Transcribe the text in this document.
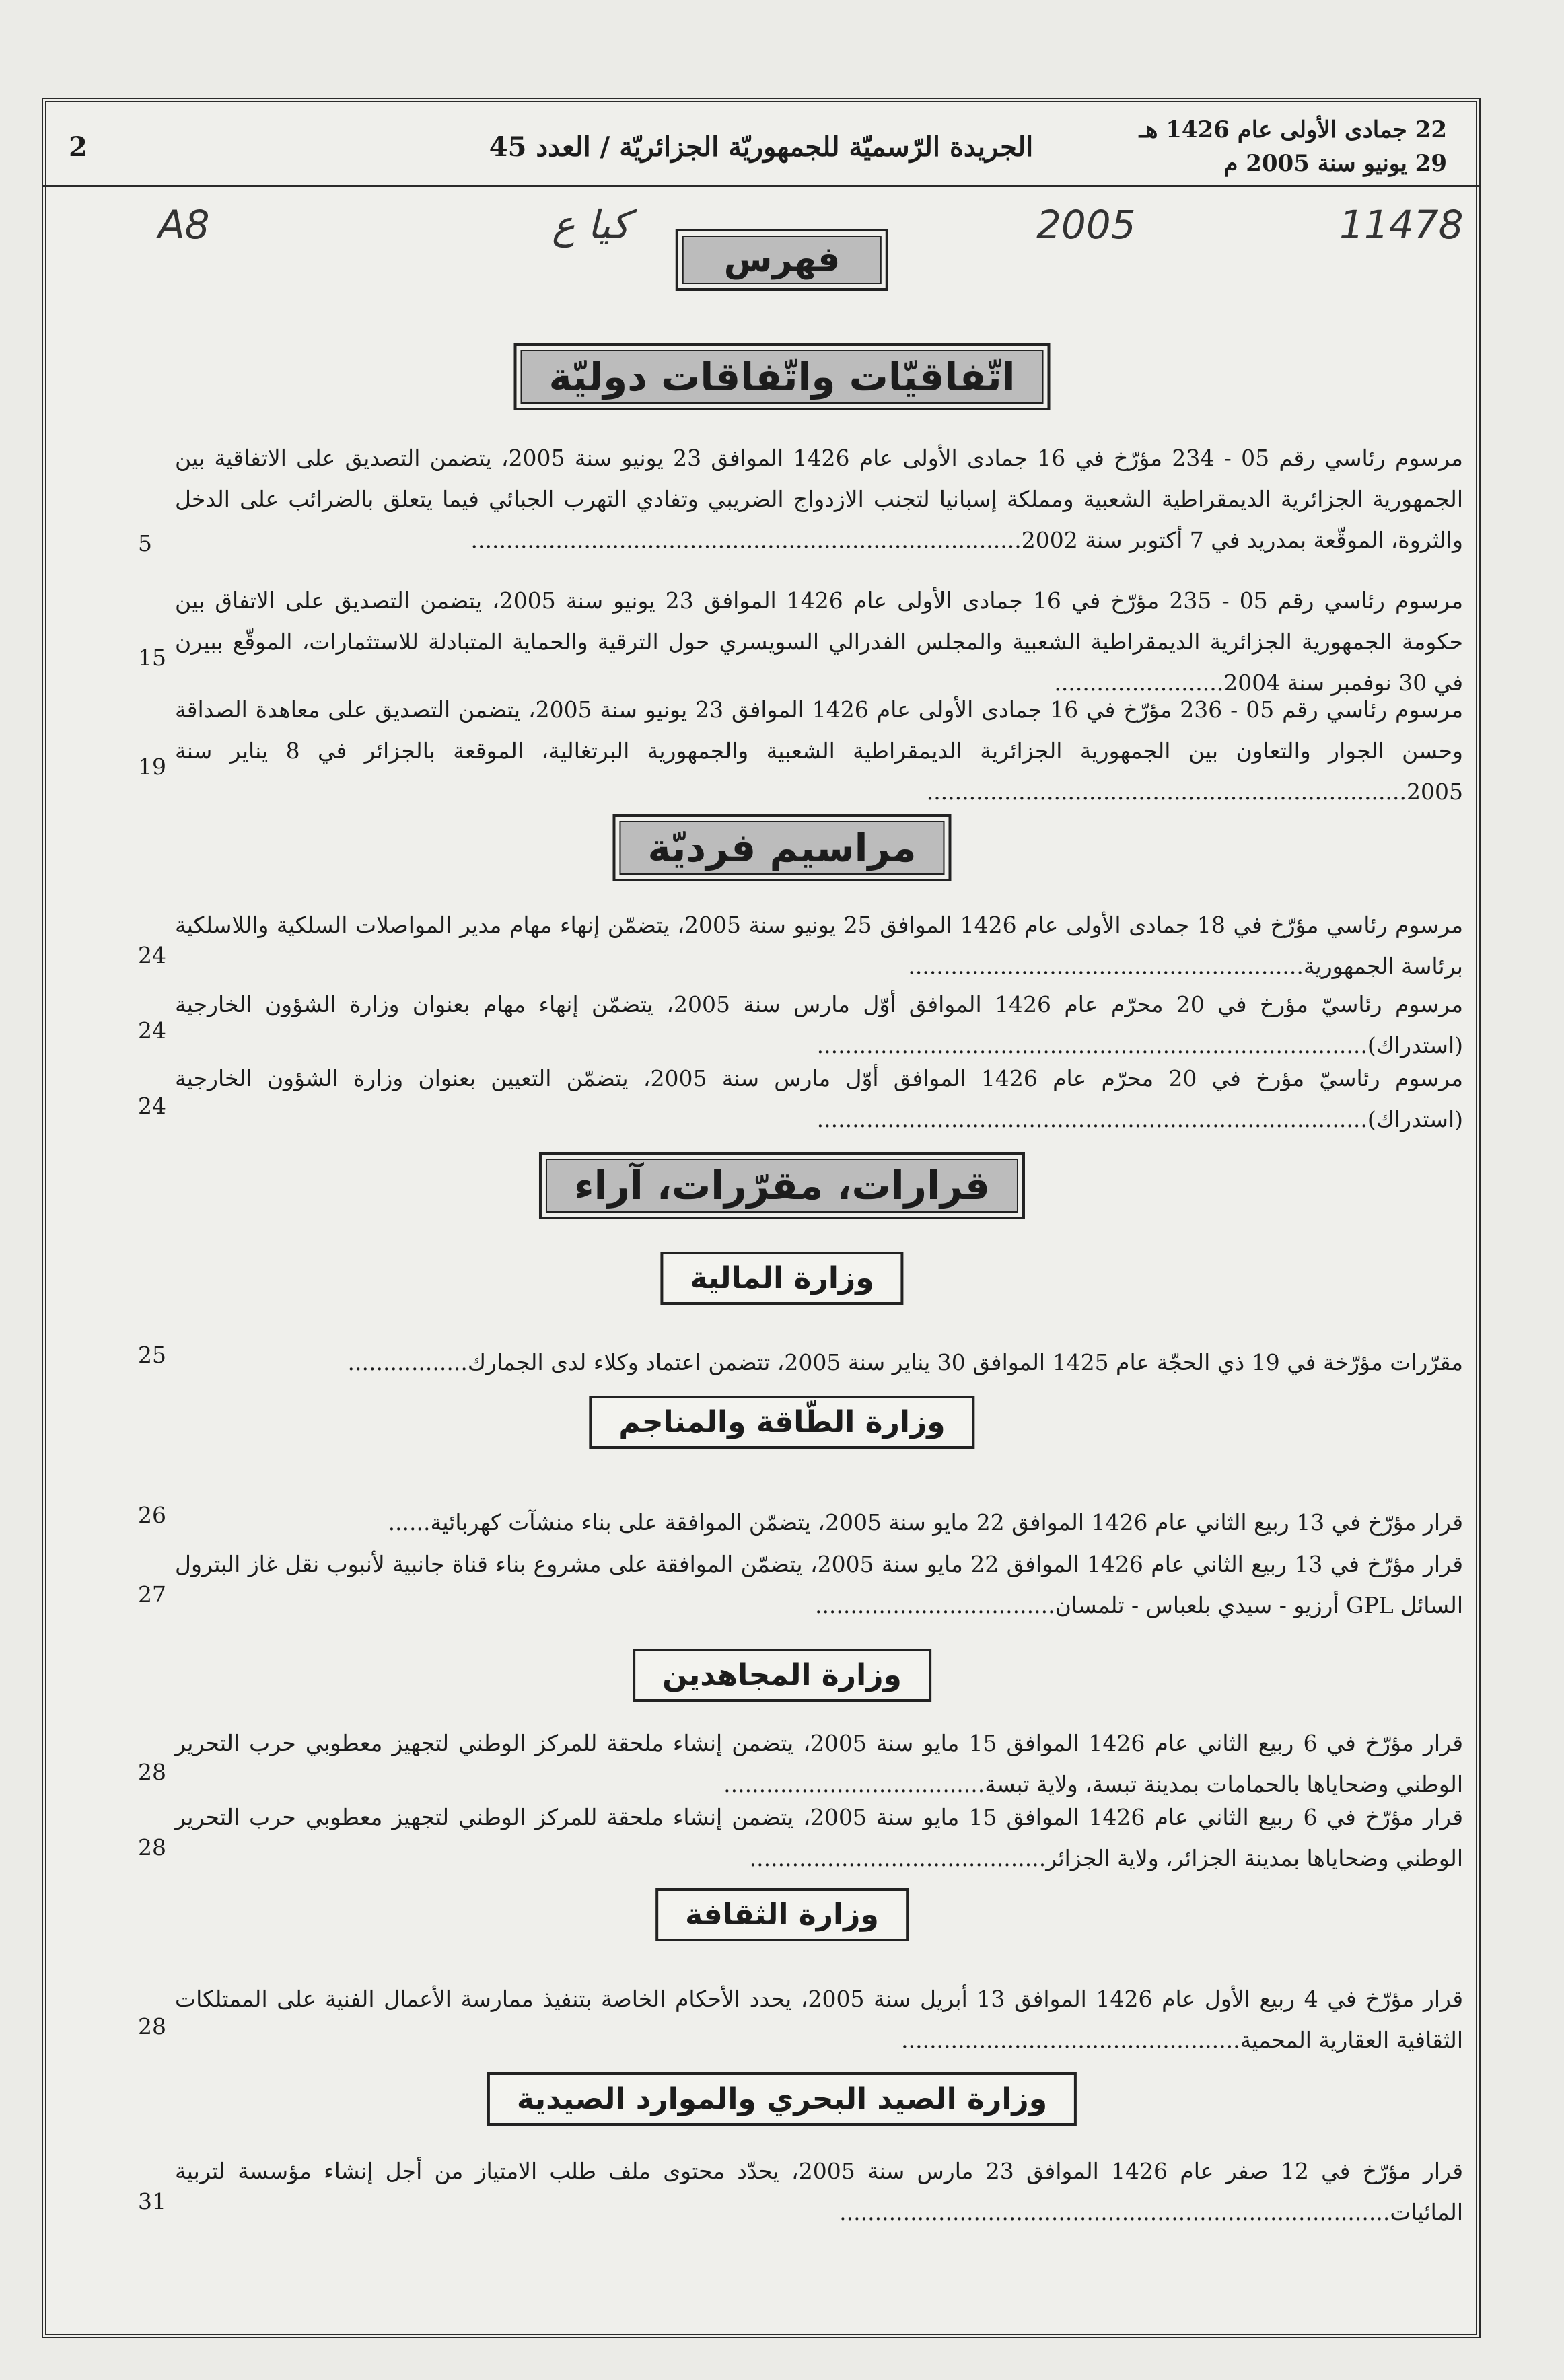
2	الجريدة الرّسميّة للجمهوريّة الجزائريّة / العدد 45
22 جمادى الأولى عام 1426 هـ
29 يونيو سنة 2005 م
A8	كيا ع	2005	11478
فهرس
اتّفاقيّات واتّفاقات دوليّة
مرسوم رئاسي رقم 05 - 234 مؤرّخ في 16 جمادى الأولى عام 1426 الموافق 23 يونيو سنة 2005، يتضمن التصديق على الاتفاقية بين الجمهورية الجزائرية الديمقراطية الشعبية ومملكة إسبانيا لتجنب الازدواج الضريبي وتفادي التهرب الجبائي فيما يتعلق بالضرائب على الدخل والثروة، الموقّعة بمدريد في 7 أكتوبر سنة 2002..............................................................................
5
مرسوم رئاسي رقم 05 - 235 مؤرّخ في 16 جمادى الأولى عام 1426 الموافق 23 يونيو سنة 2005، يتضمن التصديق على الاتفاق بين حكومة الجمهورية الجزائرية الديمقراطية الشعبية والمجلس الفدرالي السويسري حول الترقية والحماية المتبادلة للاستثمارات، الموقّع ببيرن في 30 نوفمبر سنة 2004........................
15
مرسوم رئاسي رقم 05 - 236 مؤرّخ في 16 جمادى الأولى عام 1426 الموافق 23 يونيو سنة 2005، يتضمن التصديق على معاهدة الصداقة وحسن الجوار والتعاون بين الجمهورية الجزائرية الديمقراطية الشعبية والجمهورية البرتغالية، الموقعة بالجزائر في 8 يناير سنة 2005....................................................................
19
مراسيم فرديّة
مرسوم رئاسي مؤرّخ في 18 جمادى الأولى عام 1426 الموافق 25 يونيو سنة 2005، يتضمّن إنهاء مهام مدير المواصلات السلكية واللاسلكية برئاسة الجمهورية........................................................
24
مرسوم رئاسيّ مؤرخ في 20 محرّم عام 1426 الموافق أوّل مارس سنة 2005، يتضمّن إنهاء مهام بعنوان وزارة الشؤون الخارجية (استدراك)..............................................................................
24
مرسوم رئاسيّ مؤرخ في 20 محرّم عام 1426 الموافق أوّل مارس سنة 2005، يتضمّن التعيين بعنوان وزارة الشؤون الخارجية (استدراك)..............................................................................
24
قرارات، مقرّرات، آراء
وزارة المالية
مقرّرات مؤرّخة في 19 ذي الحجّة عام 1425 الموافق 30 يناير سنة 2005، تتضمن اعتماد وكلاء لدى الجمارك.................
25
وزارة الطّاقة والمناجم
قرار مؤرّخ في 13 ربيع الثاني عام 1426 الموافق 22 مايو سنة 2005، يتضمّن الموافقة على بناء منشآت كهربائية......
26
قرار مؤرّخ في 13 ربيع الثاني عام 1426 الموافق 22 مايو سنة 2005، يتضمّن الموافقة على مشروع بناء قناة جانبية لأنبوب نقل غاز البترول السائل GPL أرزيو - سيدي بلعباس - تلمسان..................................
27
وزارة المجاهدين
قرار مؤرّخ في 6 ربيع الثاني عام 1426 الموافق 15 مايو سنة 2005، يتضمن إنشاء ملحقة للمركز الوطني لتجهيز معطوبي حرب التحرير الوطني وضحاياها بالحمامات بمدينة تبسة، ولاية تبسة.....................................
28
قرار مؤرّخ في 6 ربيع الثاني عام 1426 الموافق 15 مايو سنة 2005، يتضمن إنشاء ملحقة للمركز الوطني لتجهيز معطوبي حرب التحرير الوطني وضحاياها بمدينة الجزائر، ولاية الجزائر..........................................
28
وزارة الثقافة
قرار مؤرّخ في 4 ربيع الأول عام 1426 الموافق 13 أبريل سنة 2005، يحدد الأحكام الخاصة بتنفيذ ممارسة الأعمال الفنية على الممتلكات الثقافية العقارية المحمية................................................
28
وزارة الصيد البحري والموارد الصيدية
قرار مؤرّخ في 12 صفر عام 1426 الموافق 23 مارس سنة 2005، يحدّد محتوى ملف طلب الامتياز من أجل إنشاء مؤسسة لتربية المائيات..............................................................................
31
